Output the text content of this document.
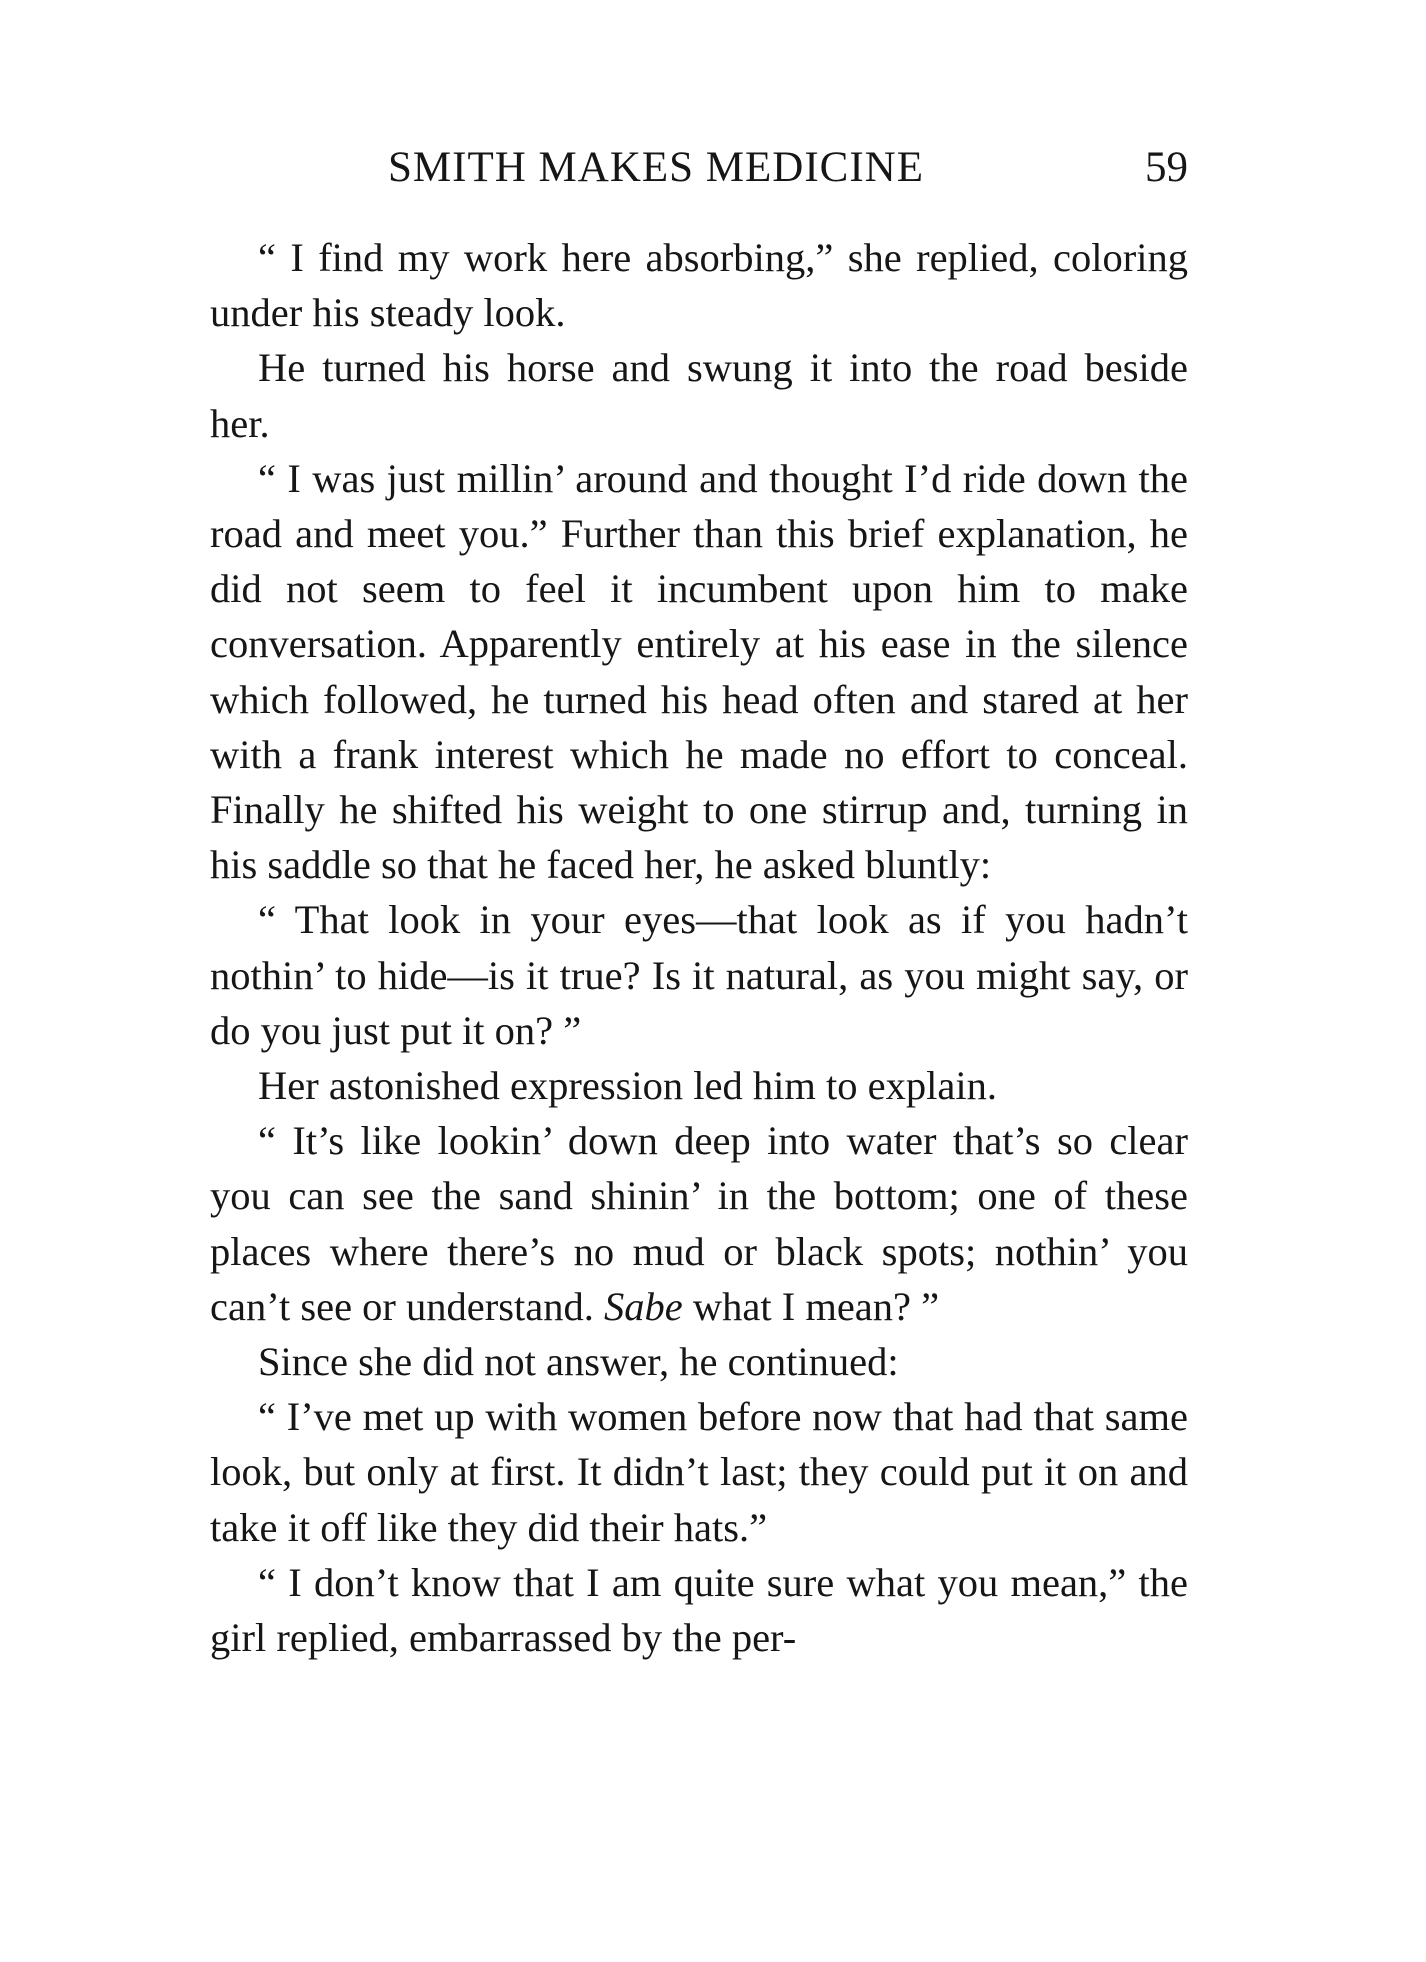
SMITH MAKES MEDICINE	59

“ I find my work here absorbing,” she replied, coloring under his steady look.

He turned his horse and swung it into the road beside her.

“ I was just millin’ around and thought I’d ride down the road and meet you.” Further than this brief explanation, he did not seem to feel it incumbent upon him to make conversation. Apparently entirely at his ease in the silence which followed, he turned his head often and stared at her with a frank interest which he made no effort to conceal. Finally he shifted his weight to one stirrup and, turning in his saddle so that he faced her, he asked bluntly:

“ That look in your eyes—that look as if you hadn’t nothin’ to hide—is it true? Is it natural, as you might say, or do you just put it on? ”

Her astonished expression led him to explain.

“ It’s like lookin’ down deep into water that’s so clear you can see the sand shinin’ in the bottom; one of these places where there’s no mud or black spots; nothin’ you can’t see or understand. Sabe what I mean? ”

Since she did not answer, he continued:

“ I’ve met up with women before now that had that same look, but only at first. It didn’t last; they could put it on and take it off like they did their hats.”

“ I don’t know that I am quite sure what you mean,” the girl replied, embarrassed by the per-
